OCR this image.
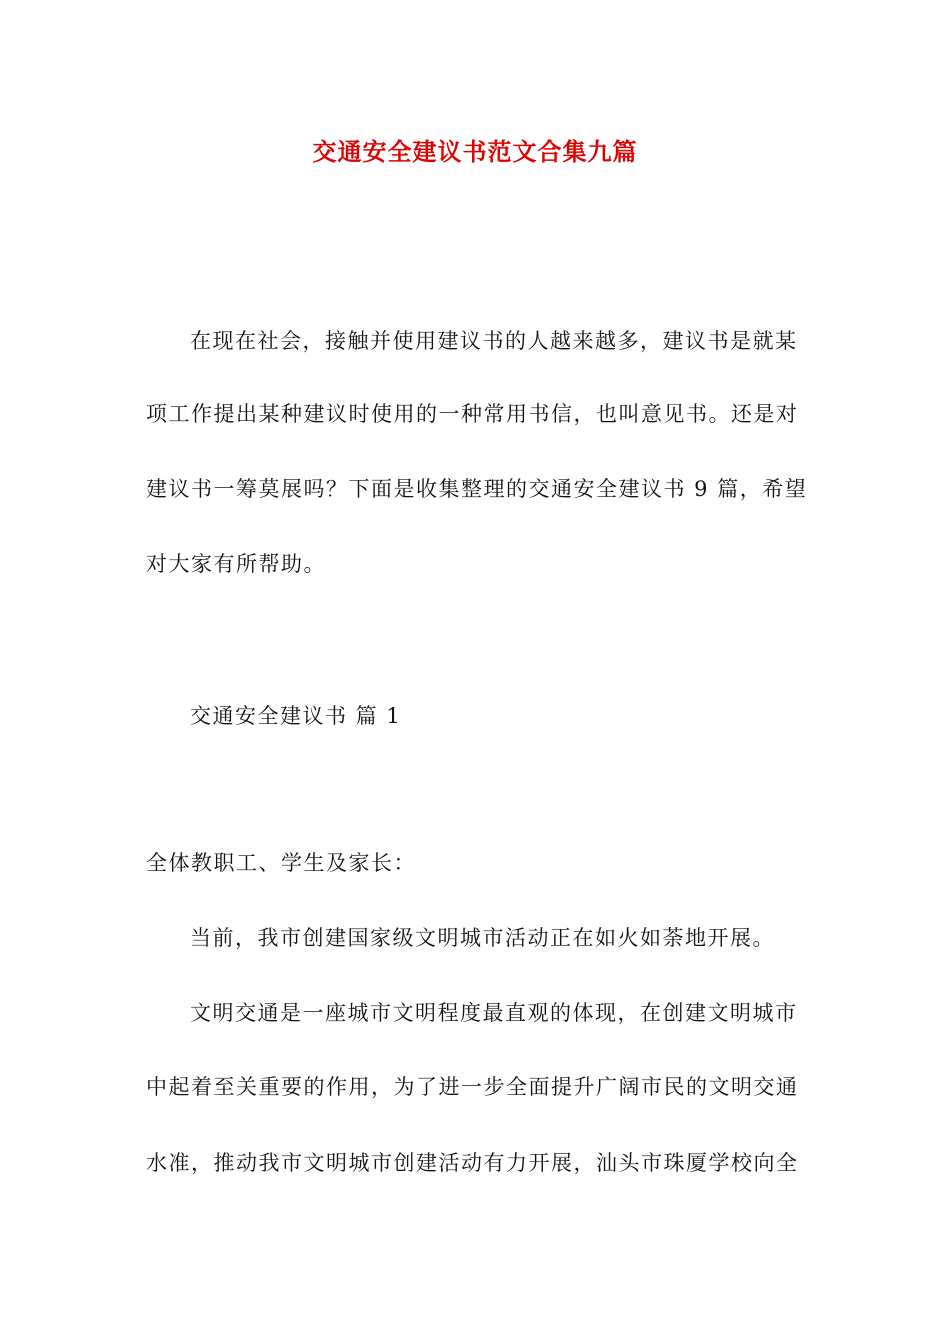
交通安全建议书范文合集九篇
在现在社会，接触并使用建议书的人越来越多，建议书是就某
项工作提出某种建议时使用的一种常用书信，也叫意见书。还是对
建议书一筹莫展吗？下面是收集整理的交通安全建议书 9 篇，希望
对大家有所帮助。
交通安全建议书 篇 1
全体教职工、学生及家长：
当前，我市创建国家级文明城市活动正在如火如荼地开展。
文明交通是一座城市文明程度最直观的体现，在创建文明城市
中起着至关重要的作用，为了进一步全面提升广阔市民的文明交通
水准，推动我市文明城市创建活动有力开展，汕头市珠厦学校向全
